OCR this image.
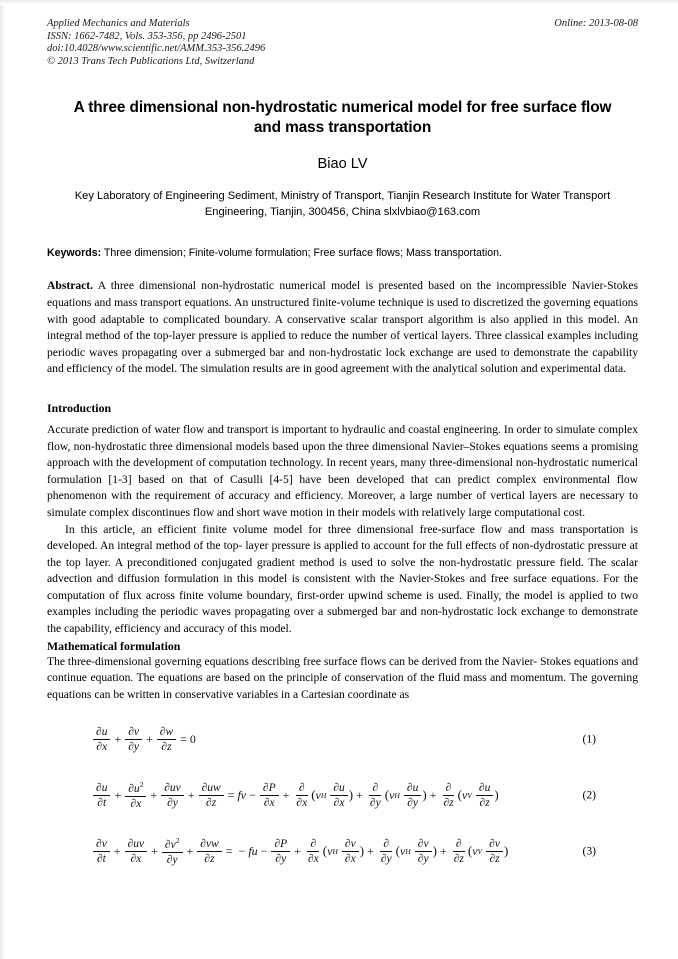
Applied Mechanics and Materials
ISSN: 1662-7482, Vols. 353-356, pp 2496-2501
doi:10.4028/www.scientific.net/AMM.353-356.2496
© 2013 Trans Tech Publications Ltd, Switzerland
Online: 2013-08-08
A three dimensional non-hydrostatic numerical model for free surface flow and mass transportation
Biao LV
Key Laboratory of Engineering Sediment, Ministry of Transport, Tianjin Research Institute for Water Transport Engineering, Tianjin, 300456, China slxlvbiao@163.com
Keywords: Three dimension; Finite-volume formulation; Free surface flows; Mass transportation.
Abstract. A three dimensional non-hydrostatic numerical model is presented based on the incompressible Navier-Stokes equations and mass transport equations. An unstructured finite-volume technique is used to discretized the governing equations with good adaptable to complicated boundary. A conservative scalar transport algorithm is also applied in this model. An integral method of the top-layer pressure is applied to reduce the number of vertical layers. Three classical examples including periodic waves propagating over a submerged bar and non-hydrostatic lock exchange are used to demonstrate the capability and efficiency of the model. The simulation results are in good agreement with the analytical solution and experimental data.
Introduction

Accurate prediction of water flow and transport is important to hydraulic and coastal engineering. In order to simulate complex flow, non-hydrostatic three dimensional models based upon the three dimensional Navier–Stokes equations seems a promising approach with the development of computation technology. In recent years, many three-dimensional non-hydrostatic numerical formulation [1-3] based on that of Casulli [4-5] have been developed that can predict complex environmental flow phenomenon with the requirement of accuracy and efficiency. Moreover, a large number of vertical layers are necessary to simulate complex discontinues flow and short wave motion in their models with relatively large computational cost.

In this article, an efficient finite volume model for three dimensional free-surface flow and mass transportation is developed. An integral method of the top- layer pressure is applied to account for the full effects of non-dydrostatic pressure at the top layer. A preconditioned conjugated gradient method is used to solve the non-hydrostatic pressure field. The scalar advection and diffusion formulation in this model is consistent with the Navier-Stokes and free surface equations. For the computation of flux across finite volume boundary, first-order upwind scheme is used. Finally, the model is applied to two examples including the periodic waves propagating over a submerged bar and non-hydrostatic lock exchange to demonstrate the capability, efficiency and accuracy of this model.

Mathematical formulation

The three-dimensional governing equations describing free surface flows can be derived from the Navier- Stokes equations and continue equation. The equations are based on the principle of conservation of the fluid mass and momentum. The governing equations can be written in conservative variables in a Cartesian coordinate as

$\frac{\partial u}{\partial x} + \frac{\partial v}{\partial y} + \frac{\partial w}{\partial z} = 0$	(1)
$\frac{\partial u}{\partial t} + \frac{\partial u^2}{\partial x} + \frac{\partial uv}{\partial y} + \frac{\partial uw}{\partial z}$ = fv − $\frac{\partial P}{\partial x} + \frac{\partial}{\partial x}$ ( ν H $\frac{\partial u}{\partial x}$ ) + $\frac{\partial}{\partial y}$ ( ν H $\frac{\partial u}{\partial y}$ ) + $\frac{\partial}{\partial z}$ ( ν V $\frac{\partial u}{\partial z}$ )	(2)
$\frac{\partial v}{\partial t} + \frac{\partial uv}{\partial x} + \frac{\partial v^2}{\partial y} + \frac{\partial vw}{\partial z}$ = − fu − $\frac{\partial P}{\partial y} + \frac{\partial}{\partial x}$ ( ν H $\frac{\partial v}{\partial x}$ ) + $\frac{\partial}{\partial y}$ ( ν H $\frac{\partial v}{\partial y}$ ) + $\frac{\partial}{\partial z}$ ( ν V $\frac{\partial v}{\partial z}$ )	(3)
